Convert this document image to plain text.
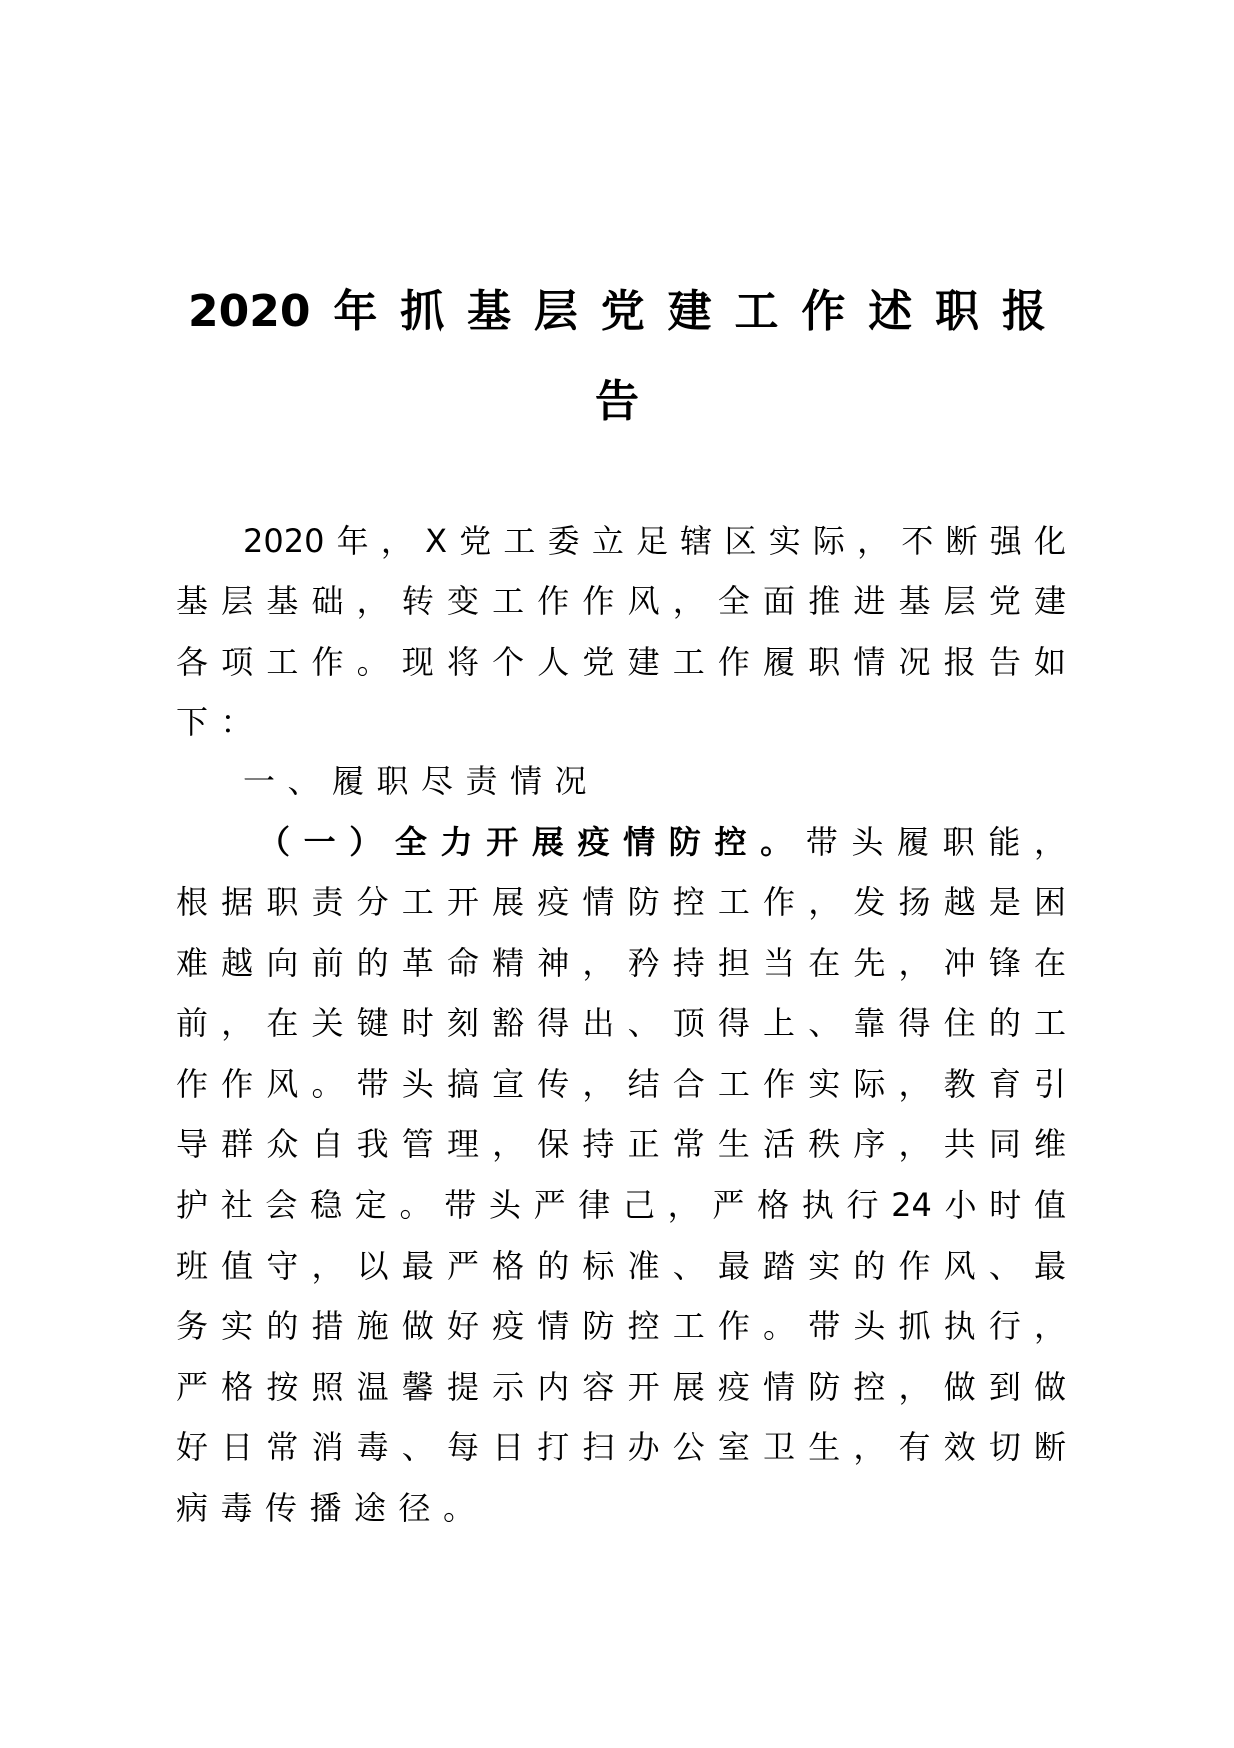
2020年抓基层党建工作述职报
告
2020年，X党工委立足辖区实际，不断强化
基层基础，转变工作作风，全面推进基层党建
各项工作。现将个人党建工作履职情况报告如
下：
一、履职尽责情况
（一）全力开展疫情防控。带头履职能，
根据职责分工开展疫情防控工作，发扬越是困
难越向前的革命精神，矜持担当在先，冲锋在
前，在关键时刻豁得出、顶得上、靠得住的工
作作风。带头搞宣传，结合工作实际，教育引
导群众自我管理，保持正常生活秩序，共同维
护社会稳定。带头严律己，严格执行24小时值
班值守，以最严格的标准、最踏实的作风、最
务实的措施做好疫情防控工作。带头抓执行，
严格按照温馨提示内容开展疫情防控，做到做
好日常消毒、每日打扫办公室卫生，有效切断
病毒传播途径。
